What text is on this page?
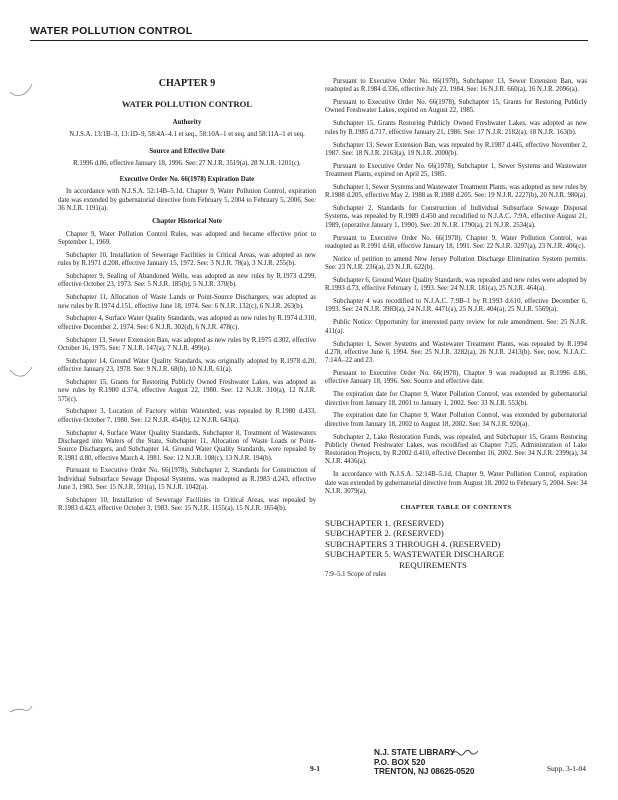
WATER POLLUTION CONTROL
CHAPTER 9
WATER POLLUTION CONTROL
Authority
N.J.S.A. 13:1B–3, 13:1D–9, 58:4A–4.1 et seq., 58:10A–1 et seq. and 58:11A–1 et seq.
Source and Effective Date
R.1996 d.86, effective January 18, 1996. See: 27 N.J.R. 3519(a), 28 N.J.R. 1201(c).
Executive Order No. 66(1978) Expiration Date

In accordance with N.J.S.A. 52:14B–5.1d, Chapter 9, Water Pollution Control, expiration date was extended by gubernatorial directive from February 5, 2004 to February 5, 2006. See: 36 N.J.R. 1191(a).

Chapter Historical Note

Chapter 9, Water Pollution Control Rules, was adopted and became effective prior to September 1, 1969.

Subchapter 10, Installation of Sewerage Facilities in Critical Areas, was adopted as new rules by R.1971 d.208, effective January 15, 1972. See: 3 N.J.R. 78(a), 3 N.J.R. 255(b).

Subchapter 9, Sealing of Abandoned Wells, was adopted as new rules by R.1973 d.299, effective October 23, 1973. See: 5 N.J.R. 185(b), 5 N.J.R. 370(b).

Subchapter 11, Allocation of Waste Lands or Point-Source Dischargers, was adopted as new rules by R.1974 d.151, effective June 18, 1974. See: 6 N.J.R. 132(c), 6 N.J.R. 263(b).

Subchapter 4, Surface Water Quality Standards, was adopted as new rules by R.1974 d.310, effective December 2, 1974. See: 6 N.J.R. 302(d), 6 N.J.R. 478(c).

Subchapter 13, Sewer Extension Ban, was adopted as new rules by R.1975 d.302, effective October 16, 1975. See: 7 N.J.R. 147(a), 7 N.J.R. 499(e).

Subchapter 14, Ground Water Quality Standards, was originally adopted by R.1978 d.20, effective January 23, 1978. See: 9 N.J.R. 68(b), 10 N.J.R. 61(a).

Subchapter 15, Grants for Restoring Publicly Owned Freshwater Lakes, was adopted as new rules by R.1980 d.374, effective August 22, 1980. See: 12 N.J.R. 310(a), 12 N.J.R. 575(c).

Subchapter 3, Location of Factory within Watershed, was repealed by R.1980 d.433, effective October 7, 1980. See: 12 N.J.R. 454(b), 12 N.J.R. 643(a).

Subchapter 4, Surface Water Quality Standards, Subchapter 8, Treatment of Wastewaters Discharged into Waters of the State, Subchapter 11, Allocation of Waste Loads or Point-Source Dischargers, and Subchapter 14, Ground Water Quality Standards, were repealed by R.1981 d.80, effective March 4, 1981. See: 12 N.J.R. 108(c), 13 N.J.R. 194(b).

Pursuant to Executive Order No. 66(1978), Subchapter 2, Standards for Construction of Individual Subsurface Sewage Disposal Systems, was readopted as R.1983 d.243, effective June 3, 1983. See: 15 N.J.R. 591(a), 15 N.J.R. 1042(a).

Subchapter 10, Installation of Sewerage Facilities in Critical Areas, was repealed by R.1983 d.423, effective October 3, 1983. See: 15 N.J.R. 1155(a), 15 N.J.R. 1654(b).

Pursuant to Executive Order No. 66(1978), Subchapter 13, Sewer Extension Ban, was readopted as R.1984 d.336, effective July 23, 1984. See: 16 N.J.R. 660(a), 16 N.J.R. 2096(a).

Pursuant to Executive Order No. 66(1978), Subchapter 15, Grants for Restoring Publicly Owned Freshwater Lakes, expired on August 22, 1985.

Subchapter 15, Grants Restoring Publicly Owned Freshwater Lakes, was adopted as new rules by R.1985 d.717, effective January 21, 1986. See: 17 N.J.R. 2182(a), 18 N.J.R. 163(b).

Subchapter 13, Sewer Extension Ban, was repealed by R.1987 d.445, effective November 2, 1987. See: 18 N.J.R. 2163(a), 19 N.J.R. 2000(b).

Pursuant to Executive Order No. 66(1978), Subchapter 1, Sewer Systems and Wastewater Treatment Plants, expired on April 25, 1985.

Subchapter 1, Sewer Systems and Wastewater Treatment Plants, was adopted as new rules by R.1988 d.205, effective May 2, 1988 as R.1988 d.205. See: 19 N.J.R. 2227(b), 20 N.J.R. 980(a).

Subchapter 2, Standards for Construction of Individual Subsurface Sewage Disposal Systems, was repealed by R.1989 d.450 and recodified to N.J.A.C. 7:9A, effective August 21, 1989, (operative January 1, 1990). See: 20 N.J.R. 1790(a), 21 N.J.R. 2534(a).

Pursuant to Executive Order No. 66(1978), Chapter 9, Water Pollution Control, was readopted as R.1991 d.68, effective January 18, 1991. See: 22 N.J.R. 3297(a), 23 N.J.R. 406(c).

Notice of petition to amend New Jersey Pollution Discharge Elimination System permits. See: 23 N.J.R. 236(a), 23 N.J.R. 622(b).

Subchapter 6, Ground Water Quality Standards, was repealed and new rules were adopted by R.1993 d.73, effective February 1, 1993. See: 24 N.J.R. 181(a), 25 N.J.R. 464(a).

Subchapter 4 was recodified to N.J.A.C. 7:9B–1 by R.1993 d.610, effective December 6, 1993. See: 24 N.J.R. 3983(a), 24 N.J.R. 4471(a), 25 N.J.R. 404(a), 25 N.J.R. 5569(a).

Public Notice: Opportunity for interested party review for rule amendment. See: 25 N.J.R. 411(a).

Subchapter 1, Sewer Systems and Wastewater Treatment Plants, was repealed by R.1994 d.278, effective June 6, 1994. See: 25 N.J.R. 3282(a), 26 N.J.R. 2413(b). See, now, N.J.A.C. 7:14A–22 and 23.

Pursuant to Executive Order No. 66(1978), Chapter 9 was readopted as R.1996 d.86, effective January 18, 1996. See: Source and effective date.

The expiration date for Chapter 9, Water Pollution Control, was extended by gubernatorial directive from January 18, 2001 to January 1, 2002. See: 33 N.J.R. 553(b).

The expiration date for Chapter 9, Water Pollution Control, was extended by gubernatorial directive from January 18, 2002 to August 18, 2002. See: 34 N.J.R. 920(a).

Subchapter 2, Lake Restoration Funds, was repealed, and Subchapter 15, Grants Restoring Publicly Owned Freshwater Lakes, was recodified as Chapter 7:25, Administration of Lake Restoration Projects, by R.2002 d.410, effective December 16, 2002. See: 34 N.J.R. 2399(a), 34 N.J.R. 4436(a).

In accordance with N.J.S.A. 52:14B–5.1d, Chapter 9, Water Pollution Control, expiration date was extended by gubernatorial directive from August 18, 2002 to February 5, 2004. See: 34 N.J.R. 3079(a).

CHAPTER TABLE OF CONTENTS
SUBCHAPTER 1. (RESERVED)
SUBCHAPTER 2. (RESERVED)
SUBCHAPTERS 3 THROUGH 4. (RESERVED)
SUBCHAPTER 5. WASTEWATER DISCHARGE
REQUIREMENTS
7:9–5.1 Scope of rules
N.J. STATE LIBRARY
P.O. BOX 520
TRENTON, NJ 08625-0520
9-1	Supp. 3-1-04
